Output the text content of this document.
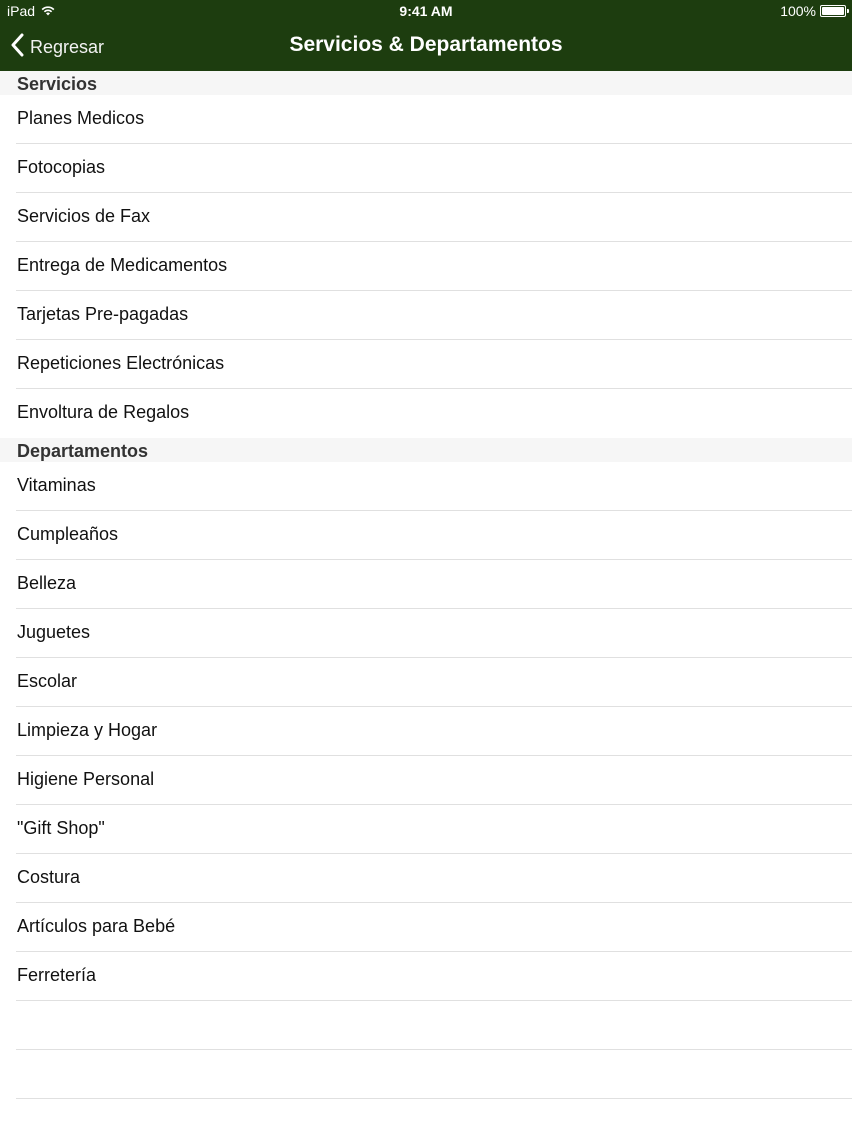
iPad	9:41 AM	100%
Regresar	Servicios & Departamentos
Servicios
Planes Medicos
Fotocopias
Servicios de Fax
Entrega de Medicamentos
Tarjetas Pre-pagadas
Repeticiones Electrónicas
Envoltura de Regalos
Departamentos
Vitaminas
Cumpleaños
Belleza
Juguetes
Escolar
Limpieza y Hogar
Higiene Personal
"Gift Shop"
Costura
Artículos para Bebé
Ferretería
